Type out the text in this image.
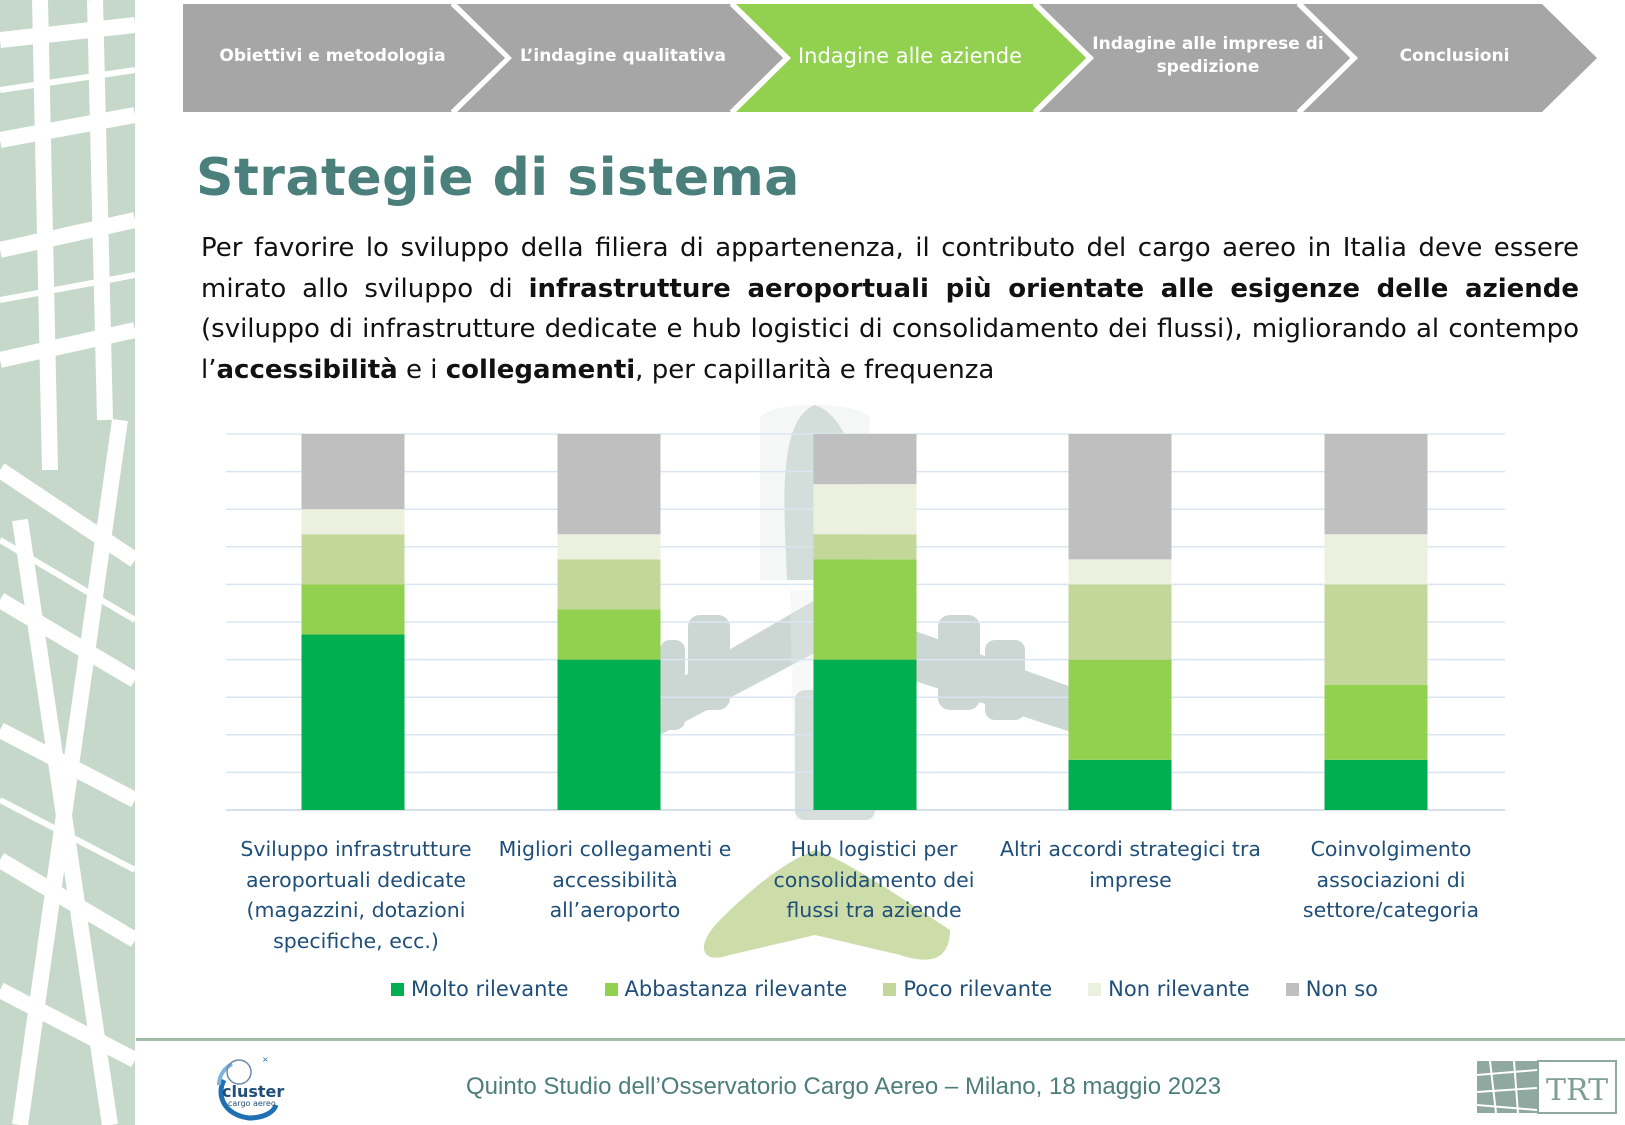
Obiettivi e metodologia	L’indagine qualitativa	Indagine alle aziende	Indagine alle imprese di spedizione
Conclusioni
Strategie di sistema

Per favorire lo sviluppo della filiera di appartenenza, il contributo del cargo aereo in Italia deve essere mirato allo sviluppo di infrastrutture aeroportuali più orientate alle esigenze delle aziende (sviluppo di infrastrutture dedicate e hub logistici di consolidamento dei flussi), migliorando al contempo l’accessibilità e i collegamenti, per capillarità e frequenza

Sviluppo infrastrutture aeroportuali dedicate (magazzini, dotazioni specifiche, ecc.)
Migliori collegamenti e accessibilità all’aeroporto
Hub logistici per consolidamento dei flussi tra aziende
Altri accordi strategici tra imprese
Coinvolgimento associazioni di settore/categoria
Molto rilevante	Abbastanza rilevante	Poco rilevante	Non rilevante	Non so
cluster
cargo aereo
×
Quinto Studio dell’Osservatorio Cargo Aereo – Milano, 18 maggio 2023	TRT
